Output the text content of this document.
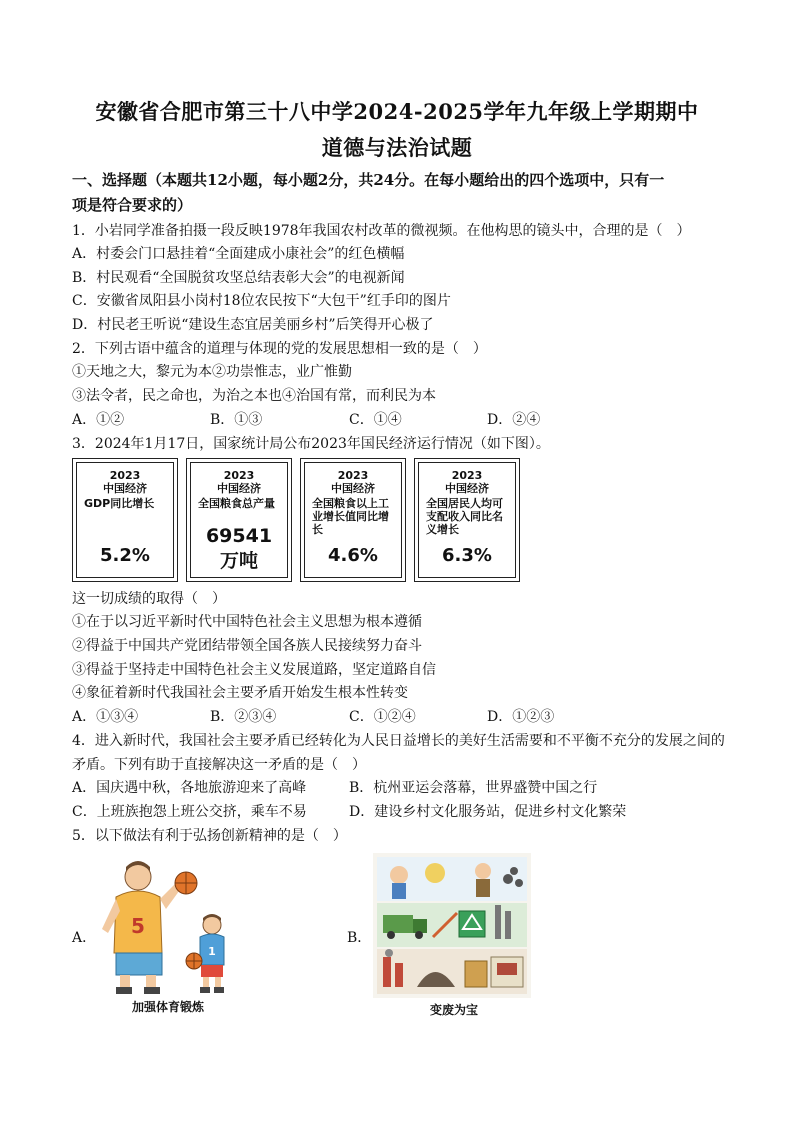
安徽省合肥市第三十八中学2024-2025学年九年级上学期期中
道德与法治试题
一、选择题（本题共12小题，每小题2分，共24分。在每小题给出的四个选项中，只有一
项是符合要求的）
1．小岩同学准备拍摄一段反映1978年我国农村改革的微视频。在他构思的镜头中，合理的是（　）
A．村委会门口悬挂着“全面建成小康社会”的红色横幅
B．村民观看“全国脱贫攻坚总结表彰大会”的电视新闻
C．安徽省凤阳县小岗村18位农民按下“大包干”红手印的图片
D．村民老王听说“建设生态宜居美丽乡村”后笑得开心极了
2．下列古语中蕴含的道理与体现的党的发展思想相一致的是（　）
①天地之大，黎元为本②功崇惟志，业广惟勤
③法令者，民之命也，为治之本也④治国有常，而利民为本
A．①②	B．①③	C．①④	D．②④
3．2024年1月17日，国家统计局公布2023年国民经济运行情况（如下图）。
2023
中国经济
GDP同比增长
5.2%
2023
中国经济
全国粮食总产量
69541
万吨
2023
中国经济
全国粮食以上工业增长值同比增长
4.6%
2023
中国经济
全国居民人均可支配收入同比名义增长
6.3%
这一切成绩的取得（　）
①在于以习近平新时代中国特色社会主义思想为根本遵循
②得益于中国共产党团结带领全国各族人民接续努力奋斗
③得益于坚持走中国特色社会主义发展道路，坚定道路自信
④象征着新时代我国社会主要矛盾开始发生根本性转变
A．①③④	B．②③④	C．①②④	D．①②③
4．进入新时代，我国社会主要矛盾已经转化为人民日益增长的美好生活需要和不平衡不充分的发展之间的
矛盾。下列有助于直接解决这一矛盾的是（　）
A．国庆遇中秋，各地旅游迎来了高峰	B．杭州亚运会落幕，世界盛赞中国之行
C．上班族抱怨上班公交挤，乘车不易	D．建设乡村文化服务站，促进乡村文化繁荣
5．以下做法有利于弘扬创新精神的是（　）
A．	B．
5
1
加强体育锻炼	变废为宝
